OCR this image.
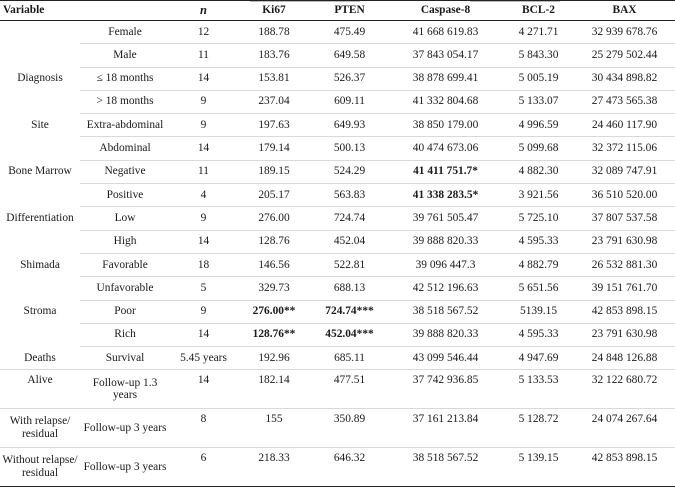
Variable		n	Ki67	PTEN	Caspase-8	BCL-2	BAX
	Female	12	188.78	475.49	41 668 619.83	4 271.71	32 939 678.76
	Male	11	183.76	649.58	37 843 054.17	5 843.30	25 279 502.44
Diagnosis	≤ 18 months	14	153.81	526.37	38 878 699.41	5 005.19	30 434 898.82
	> 18 months	9	237.04	609.11	41 332 804.68	5 133.07	27 473 565.38
Site	Extra-abdominal	9	197.63	649.93	38 850 179.00	4 996.59	24 460 117.90
	Abdominal	14	179.14	500.13	40 474 673.06	5 099.68	32 372 115.06
Bone Marrow	Negative	11	189.15	524.29	41 411 751.7*	4 882.30	32 089 747.91
	Positive	4	205.17	563.83	41 338 283.5*	3 921.56	36 510 520.00
Differentiation	Low	9	276.00	724.74	39 761 505.47	5 725.10	37 807 537.58
	High	14	128.76	452.04	39 888 820.33	4 595.33	23 791 630.98
Shimada	Favorable	18	146.56	522.81	39 096 447.3	4 882.79	26 532 881.30
	Unfavorable	5	329.73	688.13	42 512 196.63	5 651.56	39 151 761.70
Stroma	Poor	9	276.00**	724.74***	38 518 567.52	5139.15	42 853 898.15
	Rich	14	128.76**	452.04***	39 888 820.33	4 595.33	23 791 630.98
Deaths	Survival	5.45 years	192.96	685.11	43 099 546.44	4 947.69	24 848 126.88
Alive	Follow-up 1.3 years	14	182.14	477.51	37 742 936.85	5 133.53	32 122 680.72
With relapse/ residual	Follow-up 3 years	8	155	350.89	37 161 213.84	5 128.72	24 074 267.64
Without relapse/ residual	Follow-up 3 years	6	218.33	646.32	38 518 567.52	5 139.15	42 853 898.15
